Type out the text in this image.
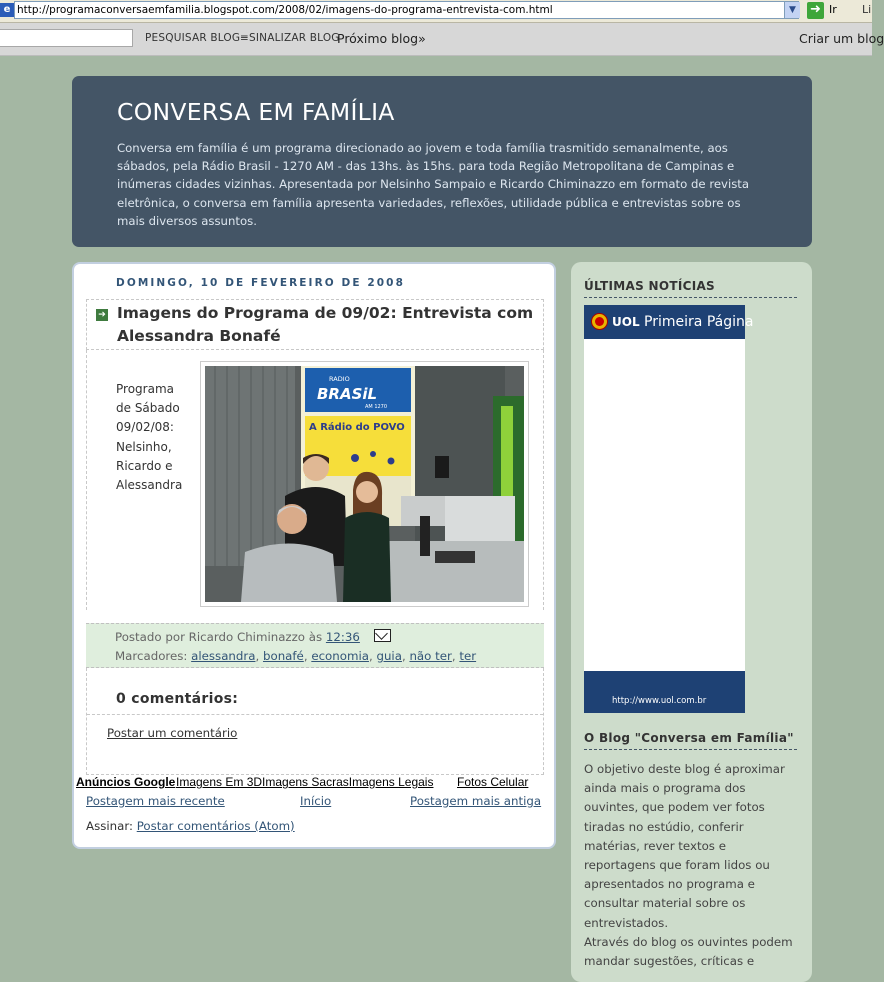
e http://programaconversaemfamilia.blogspot.com/2008/02/imagens-do-programa-entrevista-com.html	▼	➜ Ir Li
PESQUISAR BLOG ≡SINALIZAR BLOG
Próximo blog»	Criar um blog
CONVERSA EM FAMÍLIA
Conversa em família é um programa direcionado ao jovem e toda família trasmitido semanalmente, aos sábados, pela Rádio Brasil - 1270 AM - das 13hs. às 15hs. para toda Região Metropolitana de Campinas e inúmeras cidades vizinhas. Apresentada por Nelsinho Sampaio e Ricardo Chiminazzo em formato de revista eletrônica, o conversa em família apresenta variedades, reflexões, utilidade pública e entrevistas sobre os mais diversos assuntos.
DOMINGO, 10 DE FEVEREIRO DE 2008
➔ Imagens do Programa de 09/02: Entrevista com Alessandra Bonafé
Programa de Sábado 09/02/08: Nelsinho, Ricardo e Alessandra
RADIO
BRASiL
AM 1270
A Rádio do POVO
Postado por Ricardo Chiminazzo às 12:36
Marcadores: alessandra, bonafé, economia, guia, não ter, ter
0 comentários:
Postar um comentário
Anúncios Google Imagens Em 3DImagens SacrasImagens Legais Fotos Celular
Postagem mais recente	Início	Postagem mais antiga
Assinar: Postar comentários (Atom)
ÚLTIMAS NOTÍCIAS
UOL Primeira Página
http://www.uol.com.br
O Blog "Conversa em Família"
O objetivo deste blog é aproximar ainda mais o programa dos ouvintes, que podem ver fotos tiradas no estúdio, conferir matérias, rever textos e reportagens que foram lidos ou apresentados no programa e consultar material sobre os entrevistados.
Através do blog os ouvintes podem mandar sugestões, críticas e
